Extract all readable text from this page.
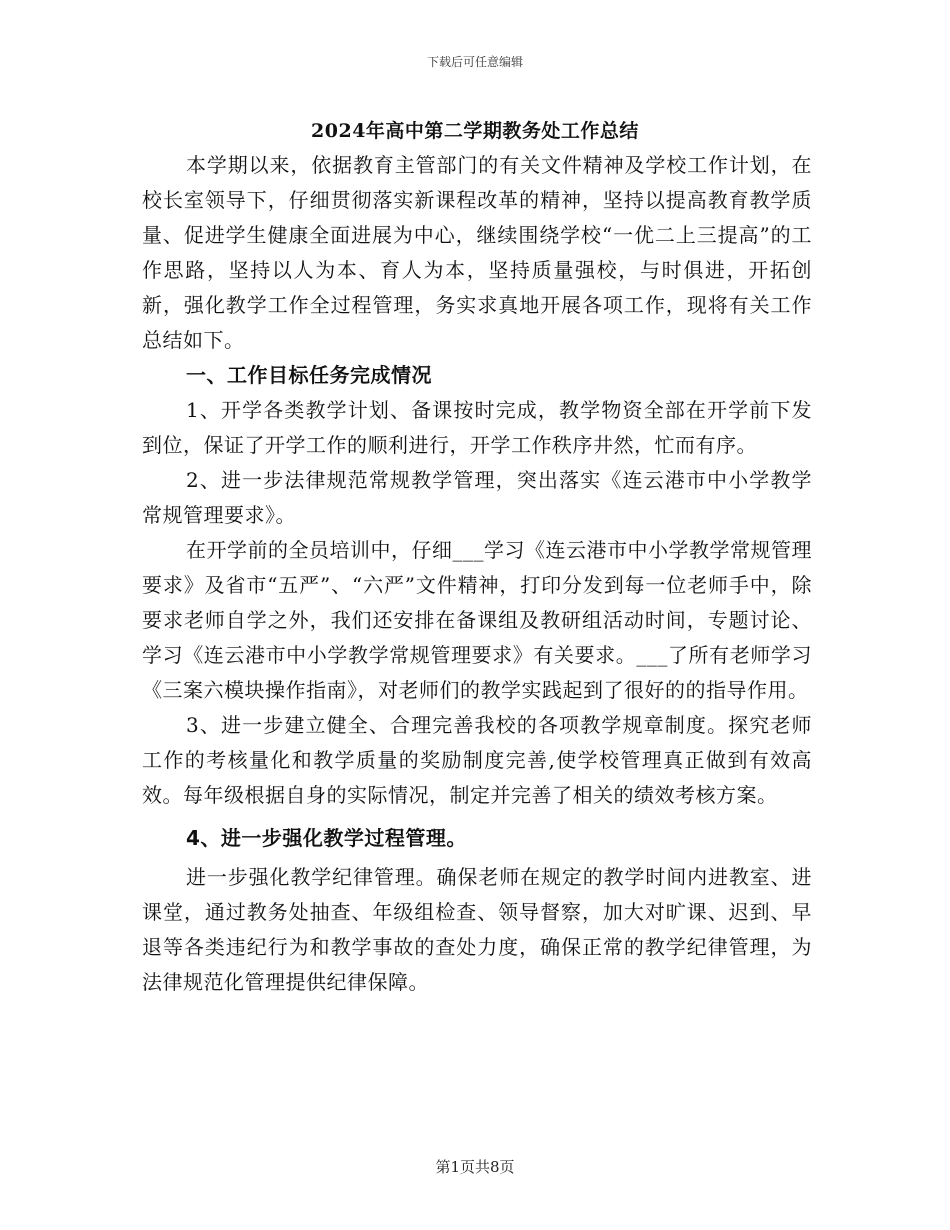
下载后可任意编辑
2024年高中第二学期教务处工作总结

本学期以来，依据教育主管部门的有关文件精神及学校工作计划，在校长室领导下，仔细贯彻落实新课程改革的精神，坚持以提高教育教学质量、促进学生健康全面进展为中心，继续围绕学校“一优二上三提高”的工作思路，坚持以人为本、育人为本，坚持质量强校，与时俱进，开拓创新，强化教学工作全过程管理，务实求真地开展各项工作，现将有关工作总结如下。

一、工作目标任务完成情况

1、开学各类教学计划、备课按时完成，教学物资全部在开学前下发到位，保证了开学工作的顺利进行，开学工作秩序井然，忙而有序。

2、进一步法律规范常规教学管理，突出落实《连云港市中小学教学常规管理要求》。

在开学前的全员培训中，仔细___学习《连云港市中小学教学常规管理要求》及省市“五严”、“六严”文件精神，打印分发到每一位老师手中，除要求老师自学之外，我们还安排在备课组及教研组活动时间，专题讨论、学习《连云港市中小学教学常规管理要求》有关要求。___了所有老师学习《三案六模块操作指南》，对老师们的教学实践起到了很好的的指导作用。

3、进一步建立健全、合理完善我校的各项教学规章制度。探究老师工作的考核量化和教学质量的奖励制度完善,使学校管理真正做到有效高效。每年级根据自身的实际情况，制定并完善了相关的绩效考核方案。

4、进一步强化教学过程管理。

进一步强化教学纪律管理。确保老师在规定的教学时间内进教室、进课堂，通过教务处抽查、年级组检查、领导督察，加大对旷课、迟到、早退等各类违纪行为和教学事故的查处力度，确保正常的教学纪律管理，为法律规范化管理提供纪律保障。

第1页共8页
